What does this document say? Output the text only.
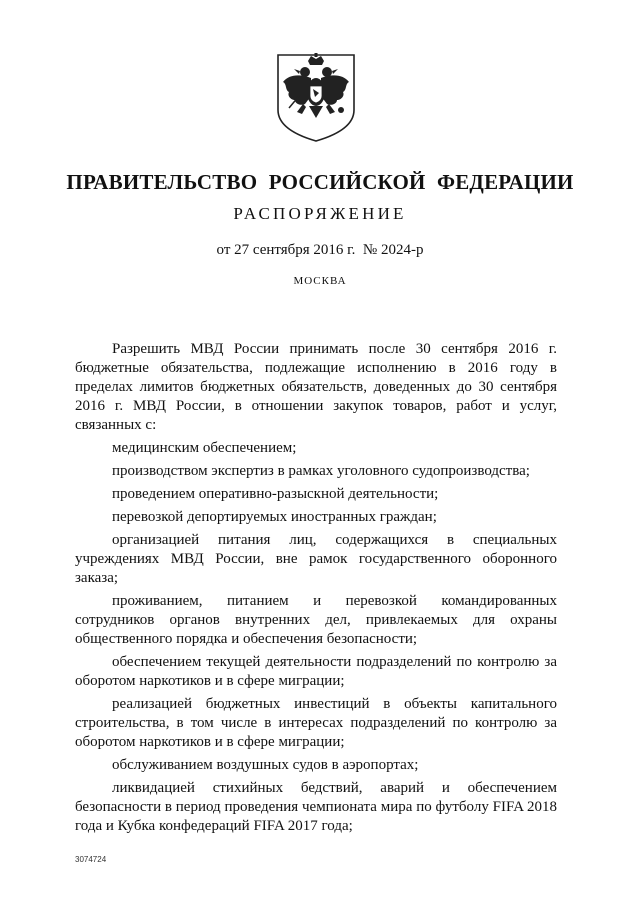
ПРАВИТЕЛЬСТВО РОССИЙСКОЙ ФЕДЕРАЦИИ
РАСПОРЯЖЕНИЕ
от 27 сентября 2016 г.  № 2024-р
МОСКВА

Разрешить МВД России принимать после 30 сентября 2016 г. бюджетные обязательства, подлежащие исполнению в 2016 году в пределах лимитов бюджетных обязательств, доведенных до 30 сентября 2016 г. МВД России, в отношении закупок товаров, работ и услуг, связанных с:

медицинским обеспечением;

производством экспертиз в рамках уголовного судопроизводства;

проведением оперативно-разыскной деятельности;

перевозкой депортируемых иностранных граждан;

организацией питания лиц, содержащихся в специальных учреждениях МВД России, вне рамок государственного оборонного заказа;

проживанием, питанием и перевозкой командированных сотрудников органов внутренних дел, привлекаемых для охраны общественного порядка и обеспечения безопасности;

обеспечением текущей деятельности подразделений по контролю за оборотом наркотиков и в сфере миграции;

реализацией бюджетных инвестиций в объекты капитального строительства, в том числе в интересах подразделений по контролю за оборотом наркотиков и в сфере миграции;

обслуживанием воздушных судов в аэропортах;

ликвидацией стихийных бедствий, аварий и обеспечением безопасности в период проведения чемпионата мира по футболу FIFA 2018 года и Кубка конфедераций FIFA 2017 года;

3074724
